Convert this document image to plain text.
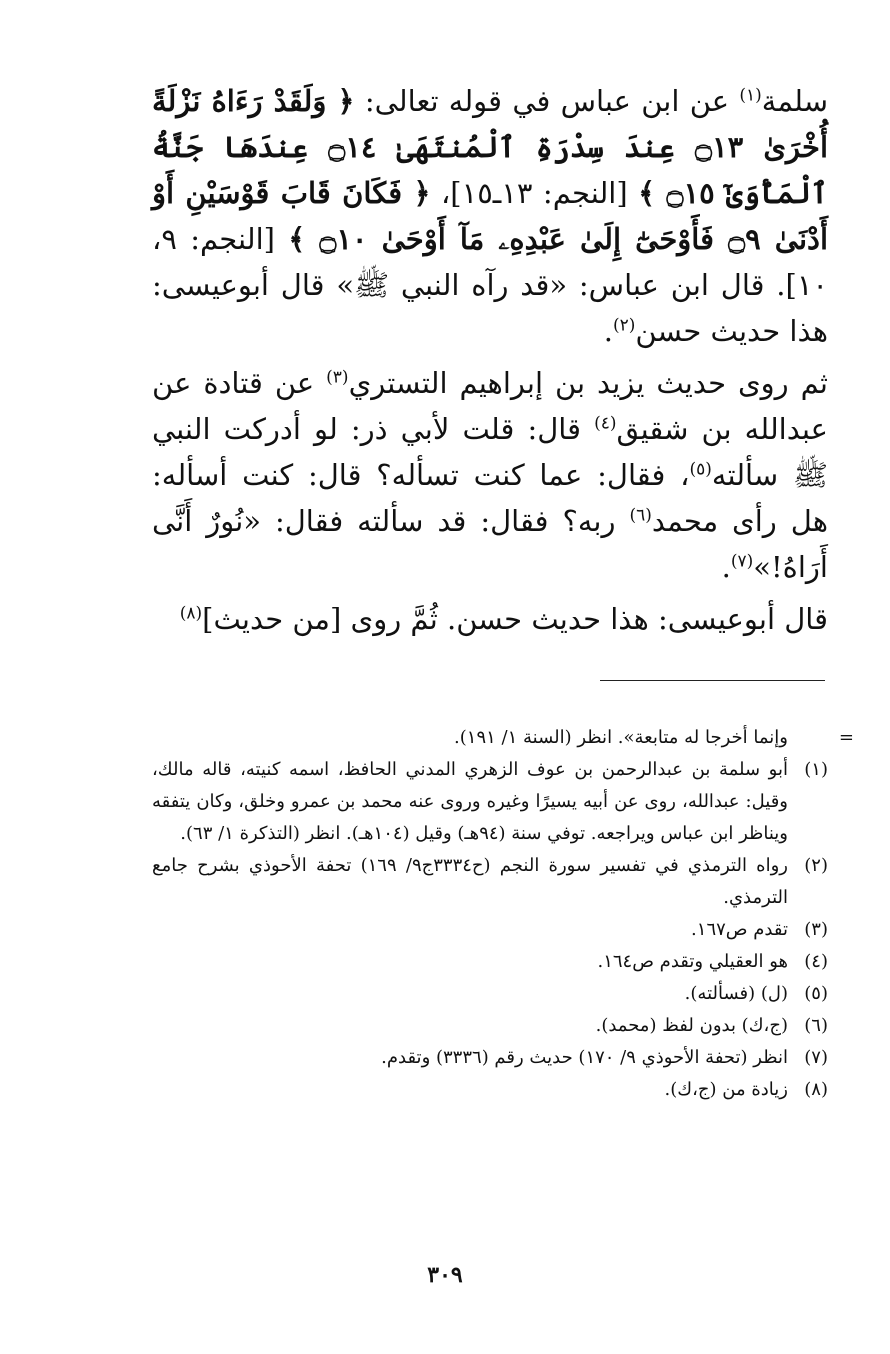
سلمة$^{(١)}$ عن ابن عباس في قوله تعالى: ﴿ وَلَقَدْ رَءَاهُ نَزْلَةً أُخْرَىٰ ۝١٣ عِندَ سِدْرَةِ ٱلْمُنتَهَىٰ ۝١٤ عِندَهَا جَنَّةُ ٱلْمَأْوَىٰٓ ۝١٥ ﴾ [النجم: ١٣ـ١٥]، ﴿ فَكَانَ قَابَ قَوْسَيْنِ أَوْ أَدْنَىٰ ۝٩ فَأَوْحَىٰٓ إِلَىٰ عَبْدِهِۦ مَآ أَوْحَىٰ ۝١٠ ﴾ [النجم: ٩، ١٠]. قال ابن عباس: «قد رآه النبي ﷺ» قال أبوعيسى: هذا حديث حسن$^{(٢)}$.

ثم روى حديث يزيد بن إبراهيم التستري$^{(٣)}$ عن قتادة عن عبدالله بن شقيق$^{(٤)}$ قال: قلت لأبي ذر: لو أدركت النبي ﷺ سألته$^{(٥)}$، فقال: عما كنت تسأله؟ قال: كنت أسأله: هل رأى محمد$^{(٦)}$ ربه؟ فقال: قد سألته فقال: «نُورٌ أَنَّى أَرَاهُ!»$^{(٧)}$.

قال أبوعيسى: هذا حديث حسن. ثُمَّ روى [من حديث]$^{(٨)}$

=
وإنما أخرجا له متابعة». انظر (السنة ١/ ١٩١).
(١)
أبو سلمة بن عبدالرحمن بن عوف الزهري المدني الحافظ، اسمه كنيته، قاله مالك، وقيل: عبدالله، روى عن أبيه يسيرًا وغيره وروى عنه محمد بن عمرو وخلق، وكان يتفقه ويناظر ابن عباس ويراجعه. توفي سنة (٩٤هـ) وقيل (١٠٤هـ). انظر (التذكرة ١/ ٦٣).
(٢)
رواه الترمذي في تفسير سورة النجم (ح٣٣٣٤ج٩/ ١٦٩) تحفة الأحوذي بشرح جامع الترمذي.
(٣)
تقدم ص١٦٧.
(٤)
هو العقيلي وتقدم ص١٦٤.
(٥)
(ل) (فسألته).
(٦)
(ج،ك) بدون لفظ (محمد).
(٧)
انظر (تحفة الأحوذي ٩/ ١٧٠) حديث رقم (٣٣٣٦) وتقدم.
(٨)
زيادة من (ج،ك).
٣٠٩
